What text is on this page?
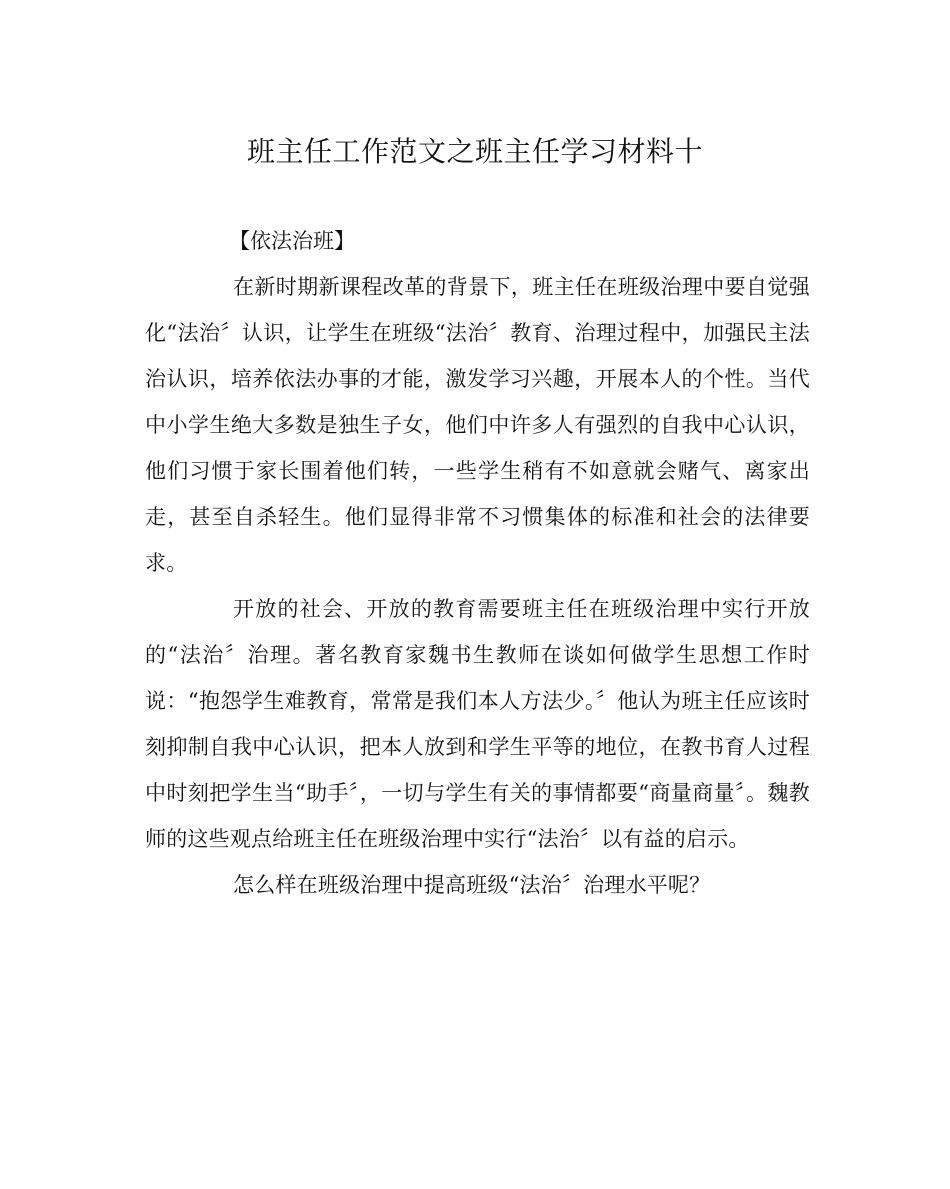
班主任工作范文之班主任学习材料十

【依法治班】

在新时期新课程改革的背景下，班主任在班级治理中要自觉强化“法治〞认识，让学生在班级“法治〞教育、治理过程中，加强民主法治认识，培养依法办事的才能，激发学习兴趣，开展本人的个性。当代中小学生绝大多数是独生子女，他们中许多人有强烈的自我中心认识，他们习惯于家长围着他们转，一些学生稍有不如意就会赌气、离家出走，甚至自杀轻生。他们显得非常不习惯集体的标准和社会的法律要求。

开放的社会、开放的教育需要班主任在班级治理中实行开放的“法治〞治理。著名教育家魏书生教师在谈如何做学生思想工作时说：“抱怨学生难教育，常常是我们本人方法少。〞他认为班主任应该时刻抑制自我中心认识，把本人放到和学生平等的地位，在教书育人过程中时刻把学生当“助手〞，一切与学生有关的事情都要“商量商量〞。魏教师的这些观点给班主任在班级治理中实行“法治〞以有益的启示。

怎么样在班级治理中提高班级“法治〞治理水平呢？
